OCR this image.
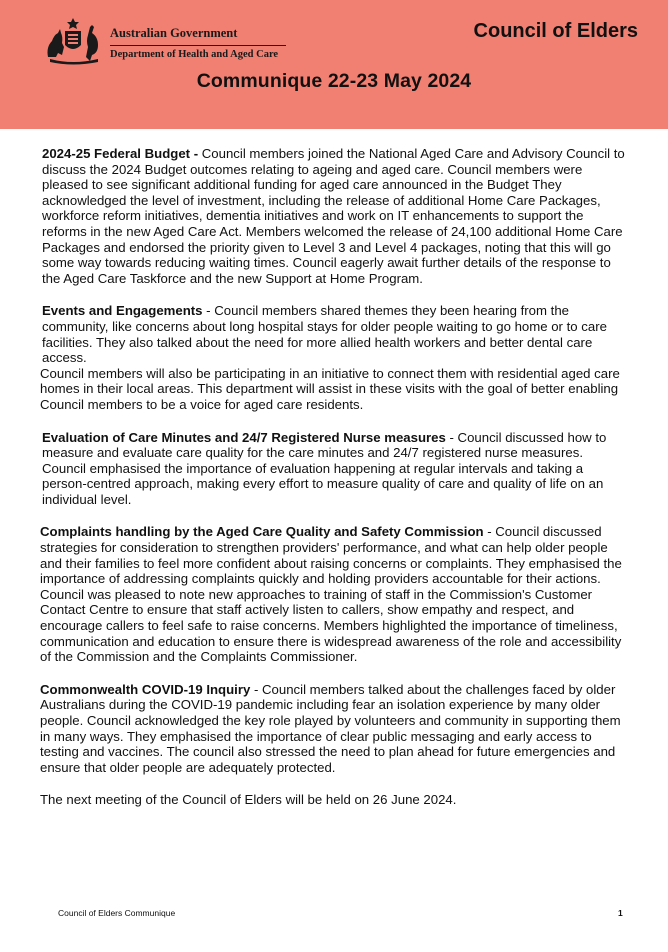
Australian Government
Department of Health and Aged Care
Council of Elders
Communique 22-23 May 2024

2024-25 Federal Budget - Council members joined the National Aged Care and Advisory Council to discuss the 2024 Budget outcomes relating to ageing and aged care. Council members were pleased to see significant additional funding for aged care announced in the Budget They acknowledged the level of investment, including the release of additional Home Care Packages, workforce reform initiatives, dementia initiatives and work on IT enhancements to support the reforms in the new Aged Care Act. Members welcomed the release of 24,100 additional Home Care Packages and endorsed the priority given to Level 3 and Level 4 packages, noting that this will go some way towards reducing waiting times. Council eagerly await further details of the response to the Aged Care Taskforce and the new Support at Home Program.

Events and Engagements - Council members shared themes they been hearing from the community, like concerns about long hospital stays for older people waiting to go home or to care facilities. They also talked about the need for more allied health workers and better dental care access.

Council members will also be participating in an initiative to connect them with residential aged care homes in their local areas. This department will assist in these visits with the goal of better enabling Council members to be a voice for aged care residents.

Evaluation of Care Minutes and 24/7 Registered Nurse measures - Council discussed how to measure and evaluate care quality for the care minutes and 24/7 registered nurse measures. Council emphasised the importance of evaluation happening at regular intervals and taking a person-centred approach, making every effort to measure quality of care and quality of life on an individual level.

Complaints handling by the Aged Care Quality and Safety Commission - Council discussed strategies for consideration to strengthen providers' performance, and what can help older people and their families to feel more confident about raising concerns or complaints. They emphasised the importance of addressing complaints quickly and holding providers accountable for their actions. Council was pleased to note new approaches to training of staff in the Commission's Customer Contact Centre to ensure that staff actively listen to callers, show empathy and respect, and encourage callers to feel safe to raise concerns. Members highlighted the importance of timeliness, communication and education to ensure there is widespread awareness of the role and accessibility of the Commission and the Complaints Commissioner.

Commonwealth COVID-19 Inquiry - Council members talked about the challenges faced by older Australians during the COVID-19 pandemic including fear an isolation experience by many older people. Council acknowledged the key role played by volunteers and community in supporting them in many ways. They emphasised the importance of clear public messaging and early access to testing and vaccines. The council also stressed the need to plan ahead for future emergencies and ensure that older people are adequately protected.

The next meeting of the Council of Elders will be held on 26 June 2024.

Council of Elders Communique	1
